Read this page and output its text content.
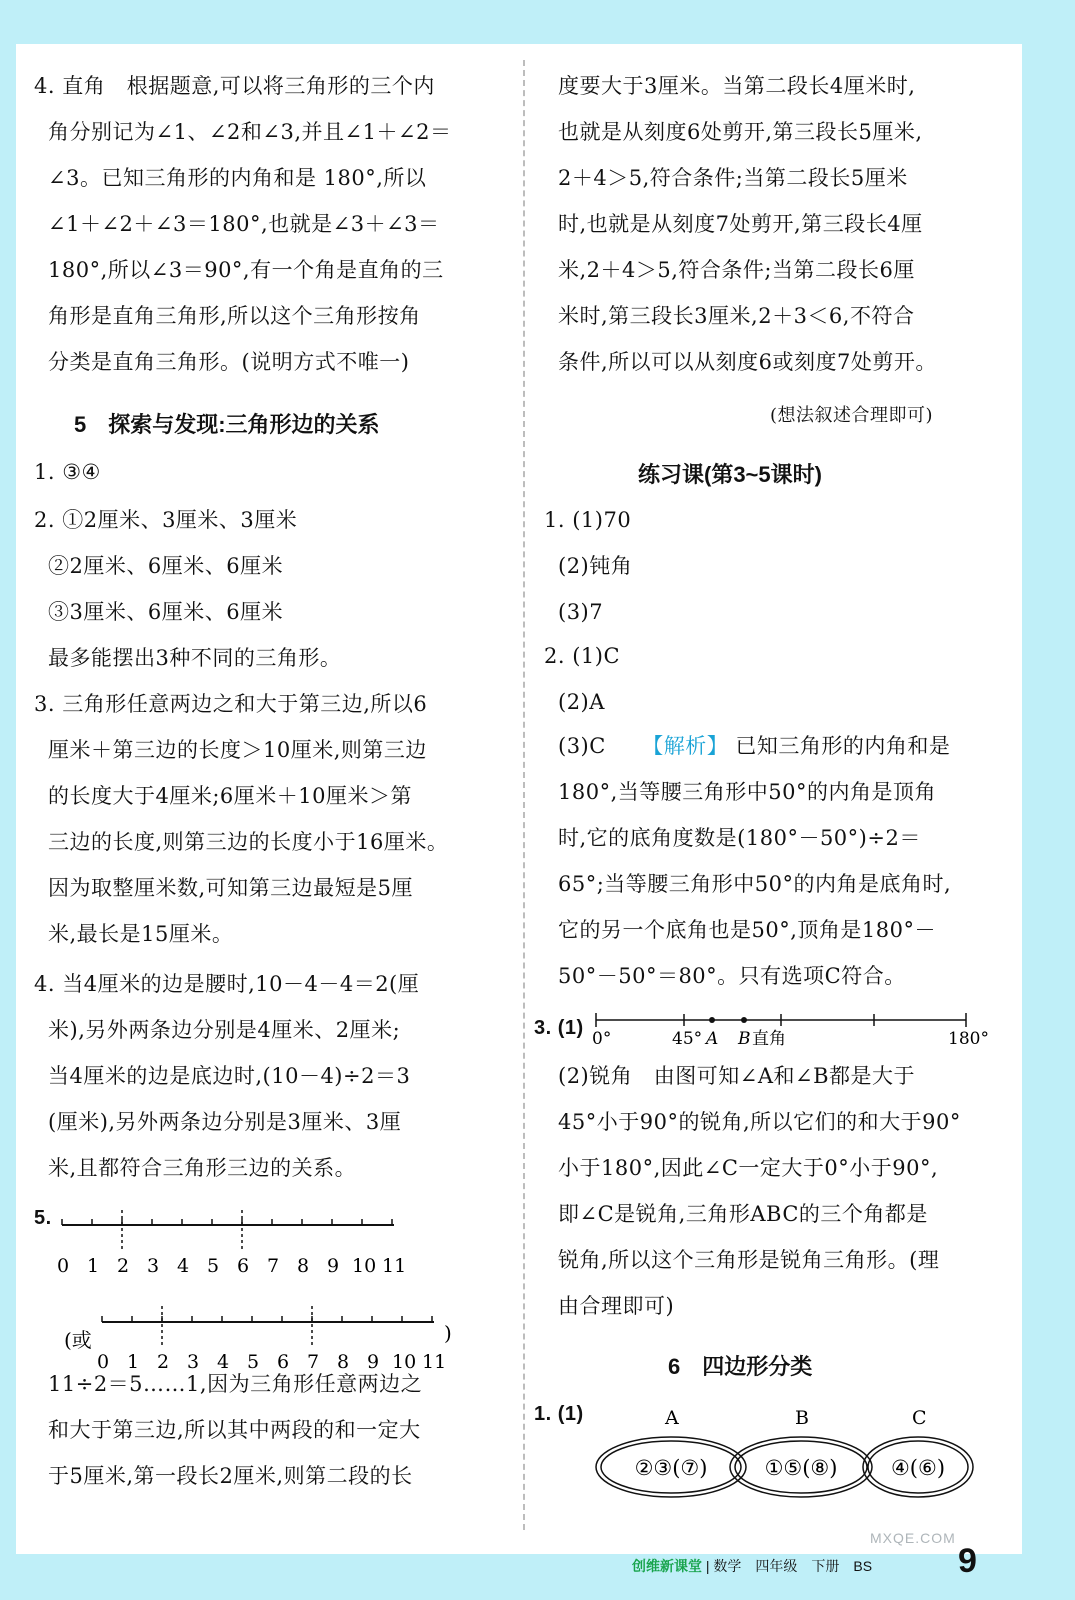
4. 直角　根据题意,可以将三角形的三个内
角分别记为∠1、∠2和∠3,并且∠1＋∠2＝
∠3。已知三角形的内角和是 180°,所以
∠1＋∠2＋∠3＝180°,也就是∠3＋∠3＝
180°,所以∠3＝90°,有一个角是直角的三
角形是直角三角形,所以这个三角形按角
分类是直角三角形。(说明方式不唯一)
5　探索与发现:三角形边的关系
1. ③④
2. ①2厘米、3厘米、3厘米
②2厘米、6厘米、6厘米
③3厘米、6厘米、6厘米
最多能摆出3种不同的三角形。
3. 三角形任意两边之和大于第三边,所以6
厘米＋第三边的长度＞10厘米,则第三边
的长度大于4厘米;6厘米＋10厘米＞第
三边的长度,则第三边的长度小于16厘米。
因为取整厘米数,可知第三边最短是5厘
米,最长是15厘米。
4. 当4厘米的边是腰时,10－4－4＝2(厘
米),另外两条边分别是4厘米、2厘米;
当4厘米的边是底边时,(10－4)÷2＝3
(厘米),另外两条边分别是3厘米、3厘
米,且都符合三角形三边的关系。
5.
0 1 2 3 4 5 6 7 8 9 10 11
(或
0 1 2 3 4 5 6 7 8 9 10 11
)
11÷2＝5……1,因为三角形任意两边之
和大于第三边,所以其中两段的和一定大
于5厘米,第一段长2厘米,则第二段的长
度要大于3厘米。当第二段长4厘米时,
也就是从刻度6处剪开,第三段长5厘米,
2＋4＞5,符合条件;当第二段长5厘米
时,也就是从刻度7处剪开,第三段长4厘
米,2＋4＞5,符合条件;当第二段长6厘
米时,第三段长3厘米,2＋3＜6,不符合
条件,所以可以从刻度6或刻度7处剪开。
(想法叙述合理即可)
练习课(第3~5课时)
1. (1)70
(2)钝角
(3)7
2. (1)C
(2)A
(3)C 【解析】 已知三角形的内角和是
180°,当等腰三角形中50°的内角是顶角
时,它的底角度数是(180°－50°)÷2＝
65°;当等腰三角形中50°的内角是底角时,
它的另一个底角也是50°,顶角是180°－
50°－50°＝80°。只有选项C符合。
3. (1) 0°	45° A B 直角	180°
(2)锐角　由图可知∠A和∠B都是大于
45°小于90°的锐角,所以它们的和大于90°
小于180°,因此∠C一定大于0°小于90°,
即∠C是锐角,三角形ABC的三个角都是
锐角,所以这个三角形是锐角三角形。(理
由合理即可)
6　四边形分类
1. (1)	A
②③(⑦)
B
①⑤(⑧)
C
④(⑥)
创维新课堂 | 数学　四年级　下册　BS	9
MXQE.COM
